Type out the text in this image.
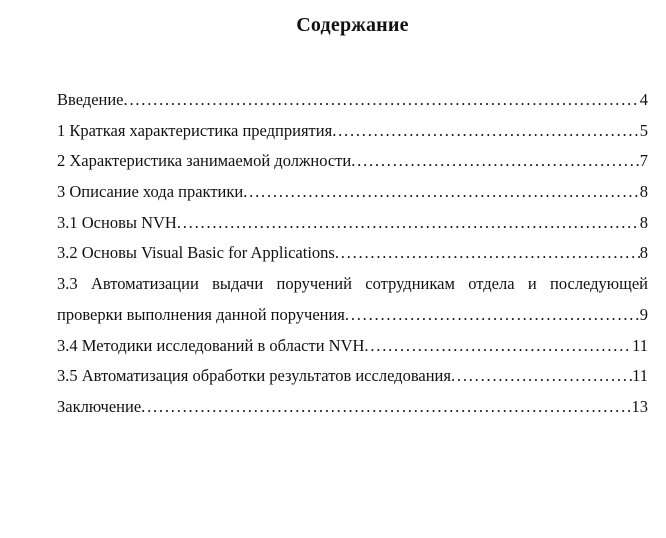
Содержание
Введение .....	4
1 Краткая характеристика предприятия .....	5
2 Характеристика занимаемой должности .....	7
3 Описание хода практики .....	8
3.1 Основы NVH .....	8
3.2 Основы Visual Basic for Applications .....	8
3.3 Автоматизации выдачи поручений сотрудникам отдела и последующей
проверки выполнения данной поручения .....	9
3.4 Методики исследований в области NVH .....	11
3.5 Автоматизация обработки результатов исследования .....	11
Заключение .....	13
